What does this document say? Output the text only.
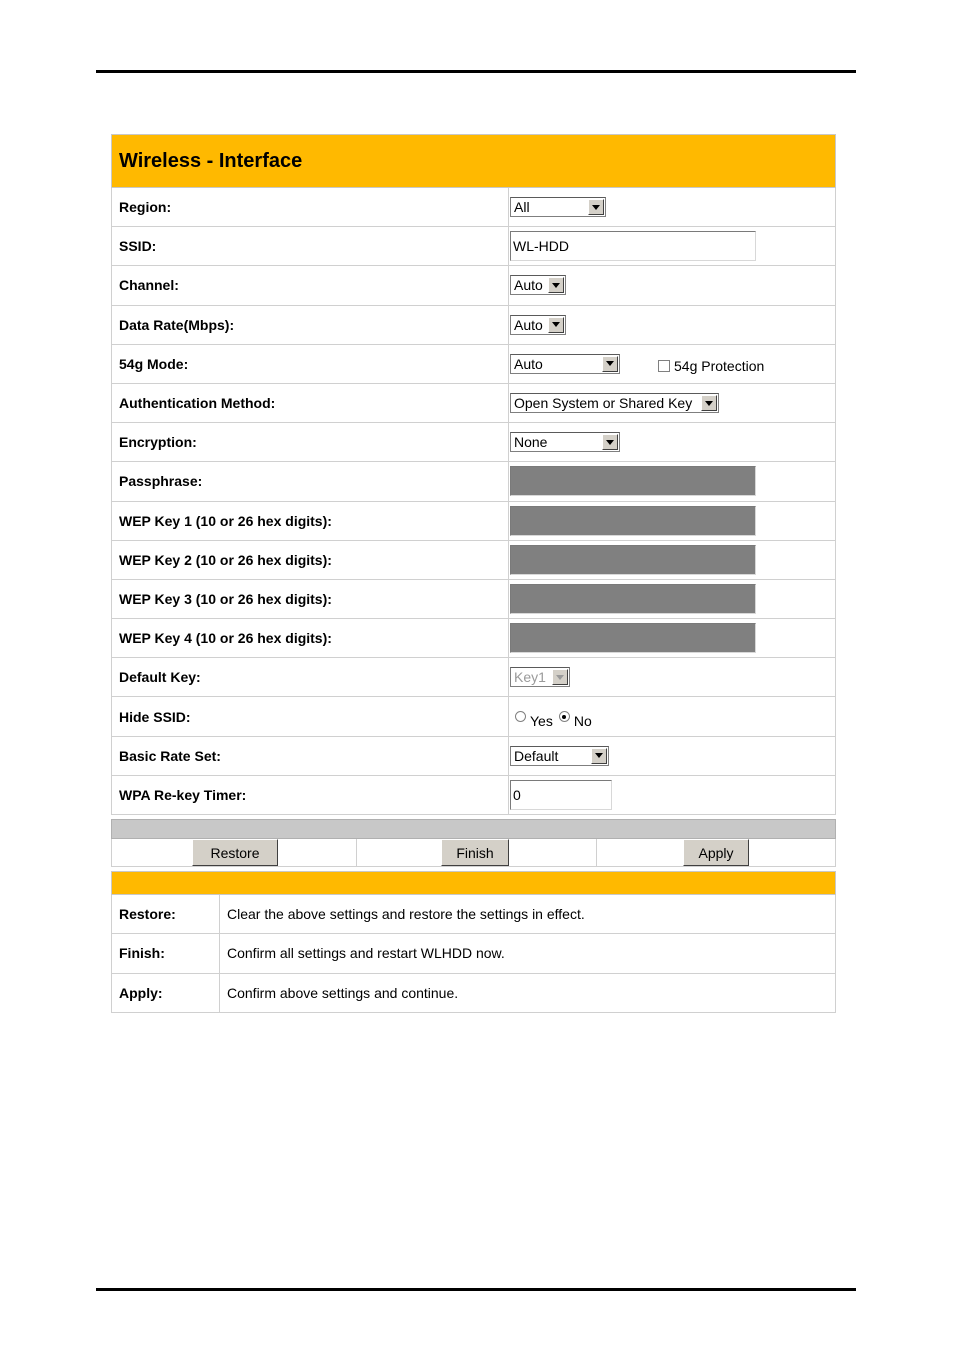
Wireless - Interface
Region:	All
SSID:	WL-HDD
Channel:	Auto
Data Rate(Mbps):	Auto
54g Mode:	Auto	54g Protection
Authentication Method:	Open System or Shared Key
Encryption:	None
Passphrase:
WEP Key 1 (10 or 26 hex digits):
WEP Key 2 (10 or 26 hex digits):
WEP Key 3 (10 or 26 hex digits):
WEP Key 4 (10 or 26 hex digits):
Default Key:	Key1
Hide SSID:	Yes No
Basic Rate Set:	Default
WPA Re-key Timer:	0
Restore	Finish	Apply
Restore:	Clear the above settings and restore the settings in effect.
Finish:	Confirm all settings and restart WLHDD now.
Apply:	Confirm above settings and continue.
